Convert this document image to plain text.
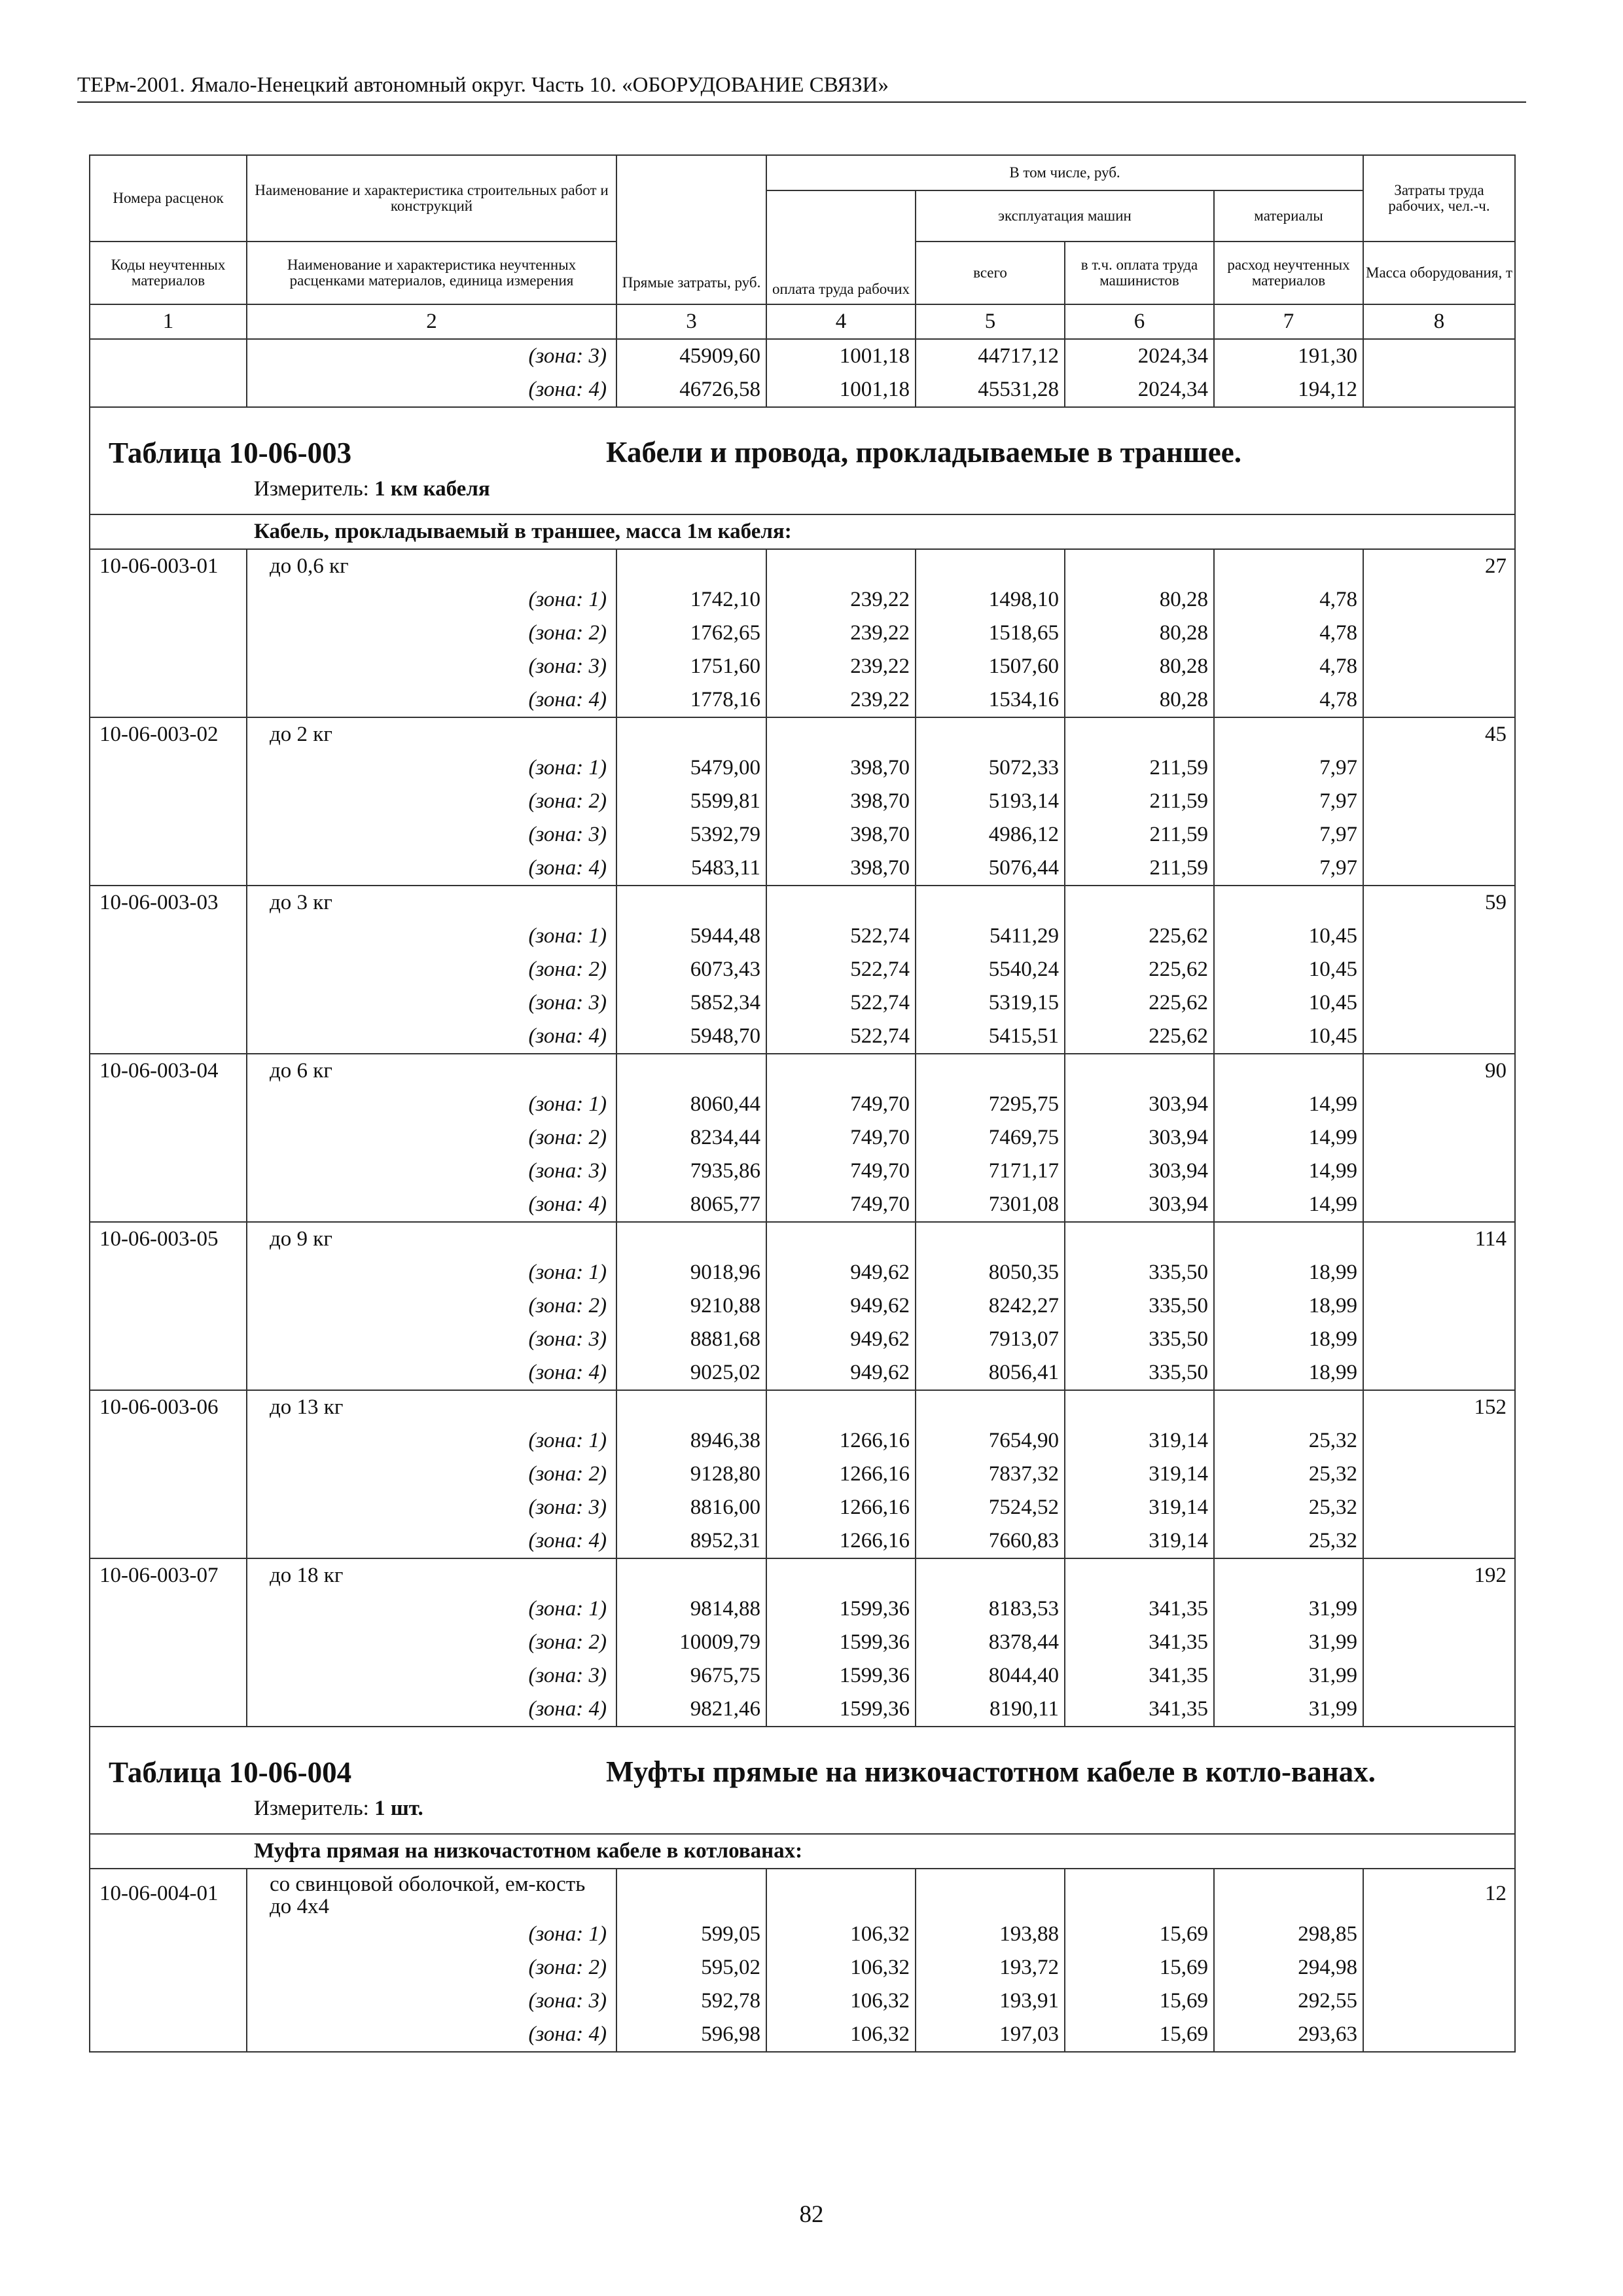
ТЕРм-2001. Ямало-Ненецкий автономный округ. Часть 10. «ОБОРУДОВАНИЕ СВЯЗИ»
Номера расценок	Наименование и характеристика строительных работ и конструкций	Прямые затраты, руб.	В том числе, руб.				Затраты труда рабочих, чел.-ч.
			оплата труда рабочих	эксплуатация машин		материалы	
Коды неучтенных материалов	Наименование и характеристика неучтенных расценками материалов, единица измерения			всего	в т.ч. оплата труда машинистов	расход неучтенных материалов	Масса оборудования, т
1	2	3	4	5	6	7	8
	(зона: 3)	45909,60	1001,18	44717,12	2024,34	191,30	
	(зона: 4)	46726,58	1001,18	45531,28	2024,34	194,12	

Таблица 10-06-003 Кабели и провода, прокладываемые в траншее.
Измеритель: 1 км кабеля							

Кабель, прокладываемый в траншее, масса 1м кабеля:							
10-06-003-01	до 0,6 кг						27
	(зона: 1)	1742,10	239,22	1498,10	80,28	4,78	
	(зона: 2)	1762,65	239,22	1518,65	80,28	4,78	
	(зона: 3)	1751,60	239,22	1507,60	80,28	4,78	
	(зона: 4)	1778,16	239,22	1534,16	80,28	4,78	
10-06-003-02	до 2 кг						45
	(зона: 1)	5479,00	398,70	5072,33	211,59	7,97	
	(зона: 2)	5599,81	398,70	5193,14	211,59	7,97	
	(зона: 3)	5392,79	398,70	4986,12	211,59	7,97	
	(зона: 4)	5483,11	398,70	5076,44	211,59	7,97	
10-06-003-03	до 3 кг						59
	(зона: 1)	5944,48	522,74	5411,29	225,62	10,45	
	(зона: 2)	6073,43	522,74	5540,24	225,62	10,45	
	(зона: 3)	5852,34	522,74	5319,15	225,62	10,45	
	(зона: 4)	5948,70	522,74	5415,51	225,62	10,45	
10-06-003-04	до 6 кг						90
	(зона: 1)	8060,44	749,70	7295,75	303,94	14,99	
	(зона: 2)	8234,44	749,70	7469,75	303,94	14,99	
	(зона: 3)	7935,86	749,70	7171,17	303,94	14,99	
	(зона: 4)	8065,77	749,70	7301,08	303,94	14,99	
10-06-003-05	до 9 кг						114
	(зона: 1)	9018,96	949,62	8050,35	335,50	18,99	
	(зона: 2)	9210,88	949,62	8242,27	335,50	18,99	
	(зона: 3)	8881,68	949,62	7913,07	335,50	18,99	
	(зона: 4)	9025,02	949,62	8056,41	335,50	18,99	
10-06-003-06	до 13 кг						152
	(зона: 1)	8946,38	1266,16	7654,90	319,14	25,32	
	(зона: 2)	9128,80	1266,16	7837,32	319,14	25,32	
	(зона: 3)	8816,00	1266,16	7524,52	319,14	25,32	
	(зона: 4)	8952,31	1266,16	7660,83	319,14	25,32	
10-06-003-07	до 18 кг						192
	(зона: 1)	9814,88	1599,36	8183,53	341,35	31,99	
	(зона: 2)	10009,79	1599,36	8378,44	341,35	31,99	
	(зона: 3)	9675,75	1599,36	8044,40	341,35	31,99	
	(зона: 4)	9821,46	1599,36	8190,11	341,35	31,99	

Таблица 10-06-004 Муфты прямые на низкочастотном кабеле в котло-ванах.
Измеритель: 1 шт.							

Муфта прямая на низкочастотном кабеле в котлованах:							
10-06-004-01	со свинцовой оболочкой, ем-кость до 4х4						12
	(зона: 1)	599,05	106,32	193,88	15,69	298,85	
	(зона: 2)	595,02	106,32	193,72	15,69	294,98	
	(зона: 3)	592,78	106,32	193,91	15,69	292,55	
	(зона: 4)	596,98	106,32	197,03	15,69	293,63	
82
